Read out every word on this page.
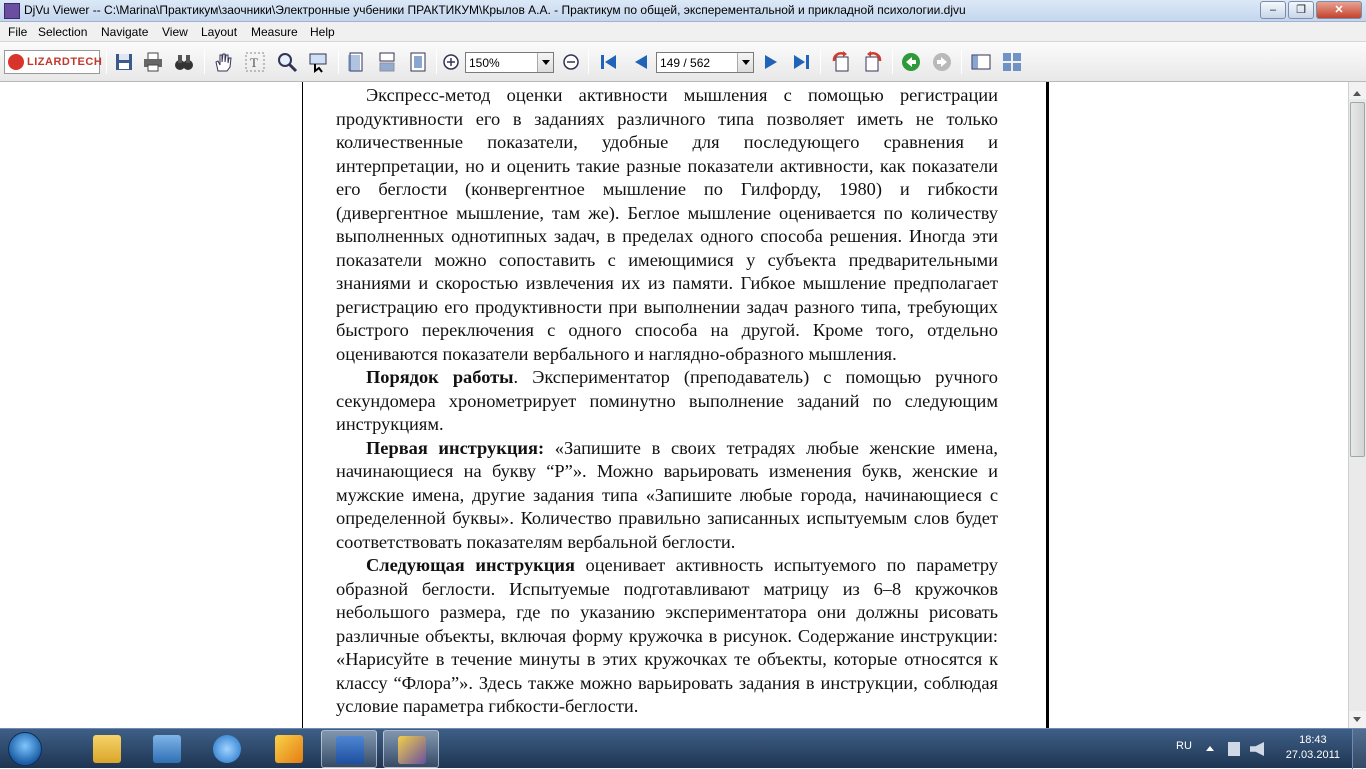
DjVu Viewer -- C:\Marina\Практикум\заочники\Электронные учбеники ПРАКТИКУМ\Крылов А.А. - Практикум по общей, эксперементальной и прикладной психологии.djvu	‒	❐	✕
File Selection Navigate View Layout Measure Help
LIZARDTECH	T	150%	149 / 562

Экспресс-метод оценки активности мышления с помощью регистрации продуктивности его в заданиях различного типа позволяет иметь не только количественные показатели, удобные для последующего сравнения и интерпретации, но и оценить такие разные показатели активности, как показатели его беглости (конвергентное мышление по Гилфорду, 1980) и гибкости (дивергентное мышление, там же). Беглое мышление оценивается по количеству выполненных однотипных задач, в пределах одного способа решения. Иногда эти показатели можно сопоставить с имеющимися у субъекта предварительными знаниями и скоростью извлечения их из памяти. Гибкое мышление предполагает регистрацию его продуктивности при выполнении задач разного типа, требующих быстрого переключения с одного способа на другой. Кроме того, отдельно оцениваются показатели вербального и наглядно-образного мышления.

Порядок работы. Экспериментатор (преподаватель) с помощью ручного секундомера хронометрирует поминутно выполнение заданий по следующим инструкциям.

Первая инструкция: «Запишите в своих тетрадях любые женские имена, начинающиеся на букву “Р”». Можно варьировать изменения букв, женские и мужские имена, другие задания типа «Запишите любые города, начинающиеся с определенной буквы». Количество правильно записанных испытуемым слов будет соответствовать показателям вербальной беглости.

Следующая инструкция оценивает активность испытуемого по параметру образной беглости. Испытуемые подготавливают матрицу из 6–8 кружочков небольшого размера, где по указанию экспериментатора они должны рисовать различные объекты, включая форму кружочка в рисунок. Содержание инструкции: «Нарисуйте в течение минуты в этих кружочках те объекты, которые относятся к классу “Флора”». Здесь также можно варьировать задания в инструкции, соблюдая условие параметра гибкости-беглости.

RU	18:43
27.03.2011
